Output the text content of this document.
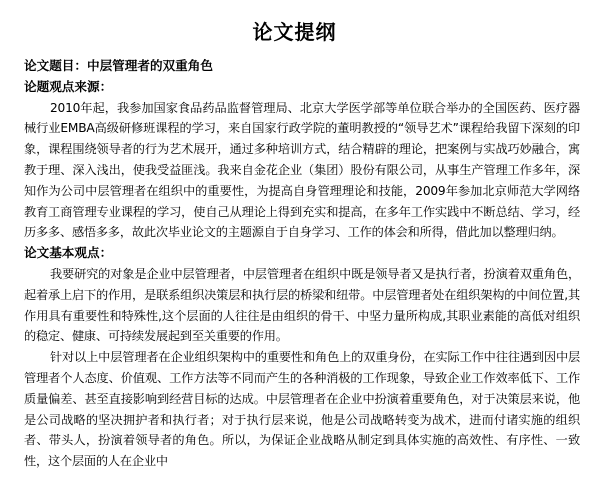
论文提纲

论文题目：中层管理者的双重角色

论题观点来源：

2010年起，我参加国家食品药品监督管理局、北京大学医学部等单位联合举办的全国医药、医疗器械行业EMBA高级研修班课程的学习，来自国家行政学院的董明教授的“领导艺术”课程给我留下深刻的印象，课程围绕领导者的行为艺术展开，通过多种培训方式，结合精辟的理论，把案例与实战巧妙融合，寓教于理、深入浅出，使我受益匪浅。我来自金花企业（集团）股份有限公司，从事生产管理工作多年，深知作为公司中层管理者在组织中的重要性，为提高自身管理理论和技能，2009年参加北京师范大学网络教育工商管理专业课程的学习，使自己从理论上得到充实和提高，在多年工作实践中不断总结、学习，经历多多、感悟多多，故此次毕业论文的主题源自于自身学习、工作的体会和所得，借此加以整理归纳。

论文基本观点：

我要研究的对象是企业中层管理者，中层管理者在组织中既是领导者又是执行者，扮演着双重角色，起着承上启下的作用，是联系组织决策层和执行层的桥梁和纽带。中层管理者处在组织架构的中间位置,其作用具有重要性和特殊性,这个层面的人往往是由组织的骨干、中坚力量所构成,其职业素能的高低对组织的稳定、健康、可持续发展起到至关重要的作用。

针对以上中层管理者在企业组织架构中的重要性和角色上的双重身份，在实际工作中往往遇到因中层管理者个人态度、价值观、工作方法等不同而产生的各种消极的工作现象，导致企业工作效率低下、工作质量偏差、甚至直接影响到经营目标的达成。中层管理者在企业中扮演着重要角色，对于决策层来说，他是公司战略的坚决拥护者和执行者；对于执行层来说，他是公司战略转变为战术，进而付诸实施的组织者、带头人，扮演着领导者的角色。所以，为保证企业战略从制定到具体实施的高效性、有序性、一致性，这个层面的人在企业中
